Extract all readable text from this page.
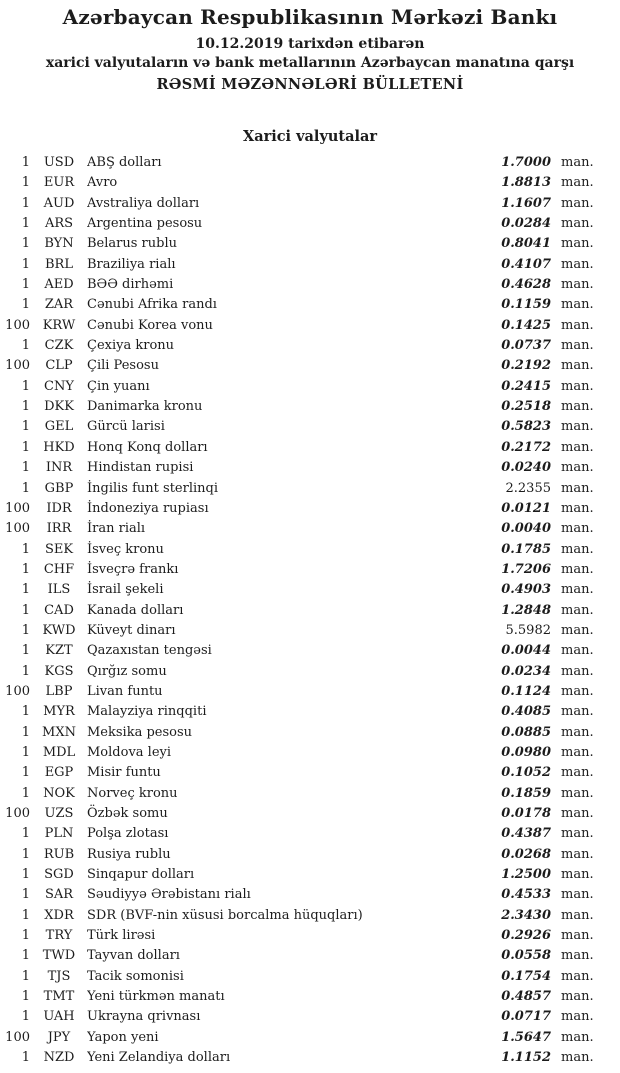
Azərbaycan Respublikasının Mərkəzi Bankı
10.12.2019 tarixdən etibarən
xarici valyutaların və bank metallarının Azərbaycan manatına qarşı
RƏSMİ MƏZƏNNƏLƏRİ BÜLLETENİ
Xarici valyutalar
1	USD ABŞ dolları	1.7000 man.
1	EUR Avro	1.8813 man.
1	AUD Avstraliya dolları	1.1607 man.
1	ARS	Argentina pesosu	0.0284 man.
1	BYN	Belarus rublu	0.8041 man.
1	BRL	Braziliya rialı	0.4107 man.
1	AED	BƏƏ dirhəmi	0.4628 man.
1	ZAR	Cənubi Afrika randı	0.1159 man.
100 KRW Cənubi Korea vonu	0.1425 man.
1	CZK	Çexiya kronu	0.0737 man.
100	CLP	Çili Pesosu	0.2192 man.
1	CNY	Çin yuanı	0.2415 man.
1	DKK	Danimarka kronu	0.2518 man.
1	GEL	Gürcü larisi	0.5823 man.
1	HKD Honq Konq dolları	0.2172 man.
1	INR	Hindistan rupisi	0.0240 man.
1	GBP	İngilis funt sterlinqi	2.2355 man.
100	IDR	İndoneziya rupiası	0.0121 man.
100	IRR	İran rialı	0.0040 man.
1	SEK	İsveç kronu	0.1785 man.
1	CHF İsveçrə frankı	1.7206 man.
1	ILS	İsrail şekeli	0.4903 man.
1	CAD	Kanada dolları	1.2848 man.
1 KWD Küveyt dinarı	5.5982 man.
1	KZT	Qazaxıstan tengəsi	0.0044 man.
1	KGS	Qırğız somu	0.0234 man.
100	LBP	Livan funtu	0.1124 man.
1	MYR Malayziya rinqqiti	0.4085 man.
1 MXN Meksika pesosu	0.0885 man.
1 MDL Moldova leyi	0.0980 man.
1	EGP	Misir funtu	0.1052 man.
1	NOK Norveç kronu	0.1859 man.
100	UZS	Özbək somu	0.0178 man.
1	PLN	Polşa zlotası	0.4387 man.
1	RUB Rusiya rublu	0.0268 man.
1	SGD	Sinqapur dolları	1.2500 man.
1	SAR	Səudiyyə Ərəbistanı rialı	0.4533 man.
1	XDR	SDR (BVF-nin xüsusi borcalma hüquqları)	2.3430 man.
1	TRY	Türk lirəsi	0.2926 man.
1 TWD Tayvan dolları	0.0558 man.
1	TJS	Tacik somonisi	0.1754 man.
1	TMT Yeni türkmən manatı	0.4857 man.
1	UAH Ukrayna qrivnası	0.0717 man.
100	JPY	Yapon yeni	1.5647 man.
1	NZD Yeni Zelandiya dolları	1.1152 man.
